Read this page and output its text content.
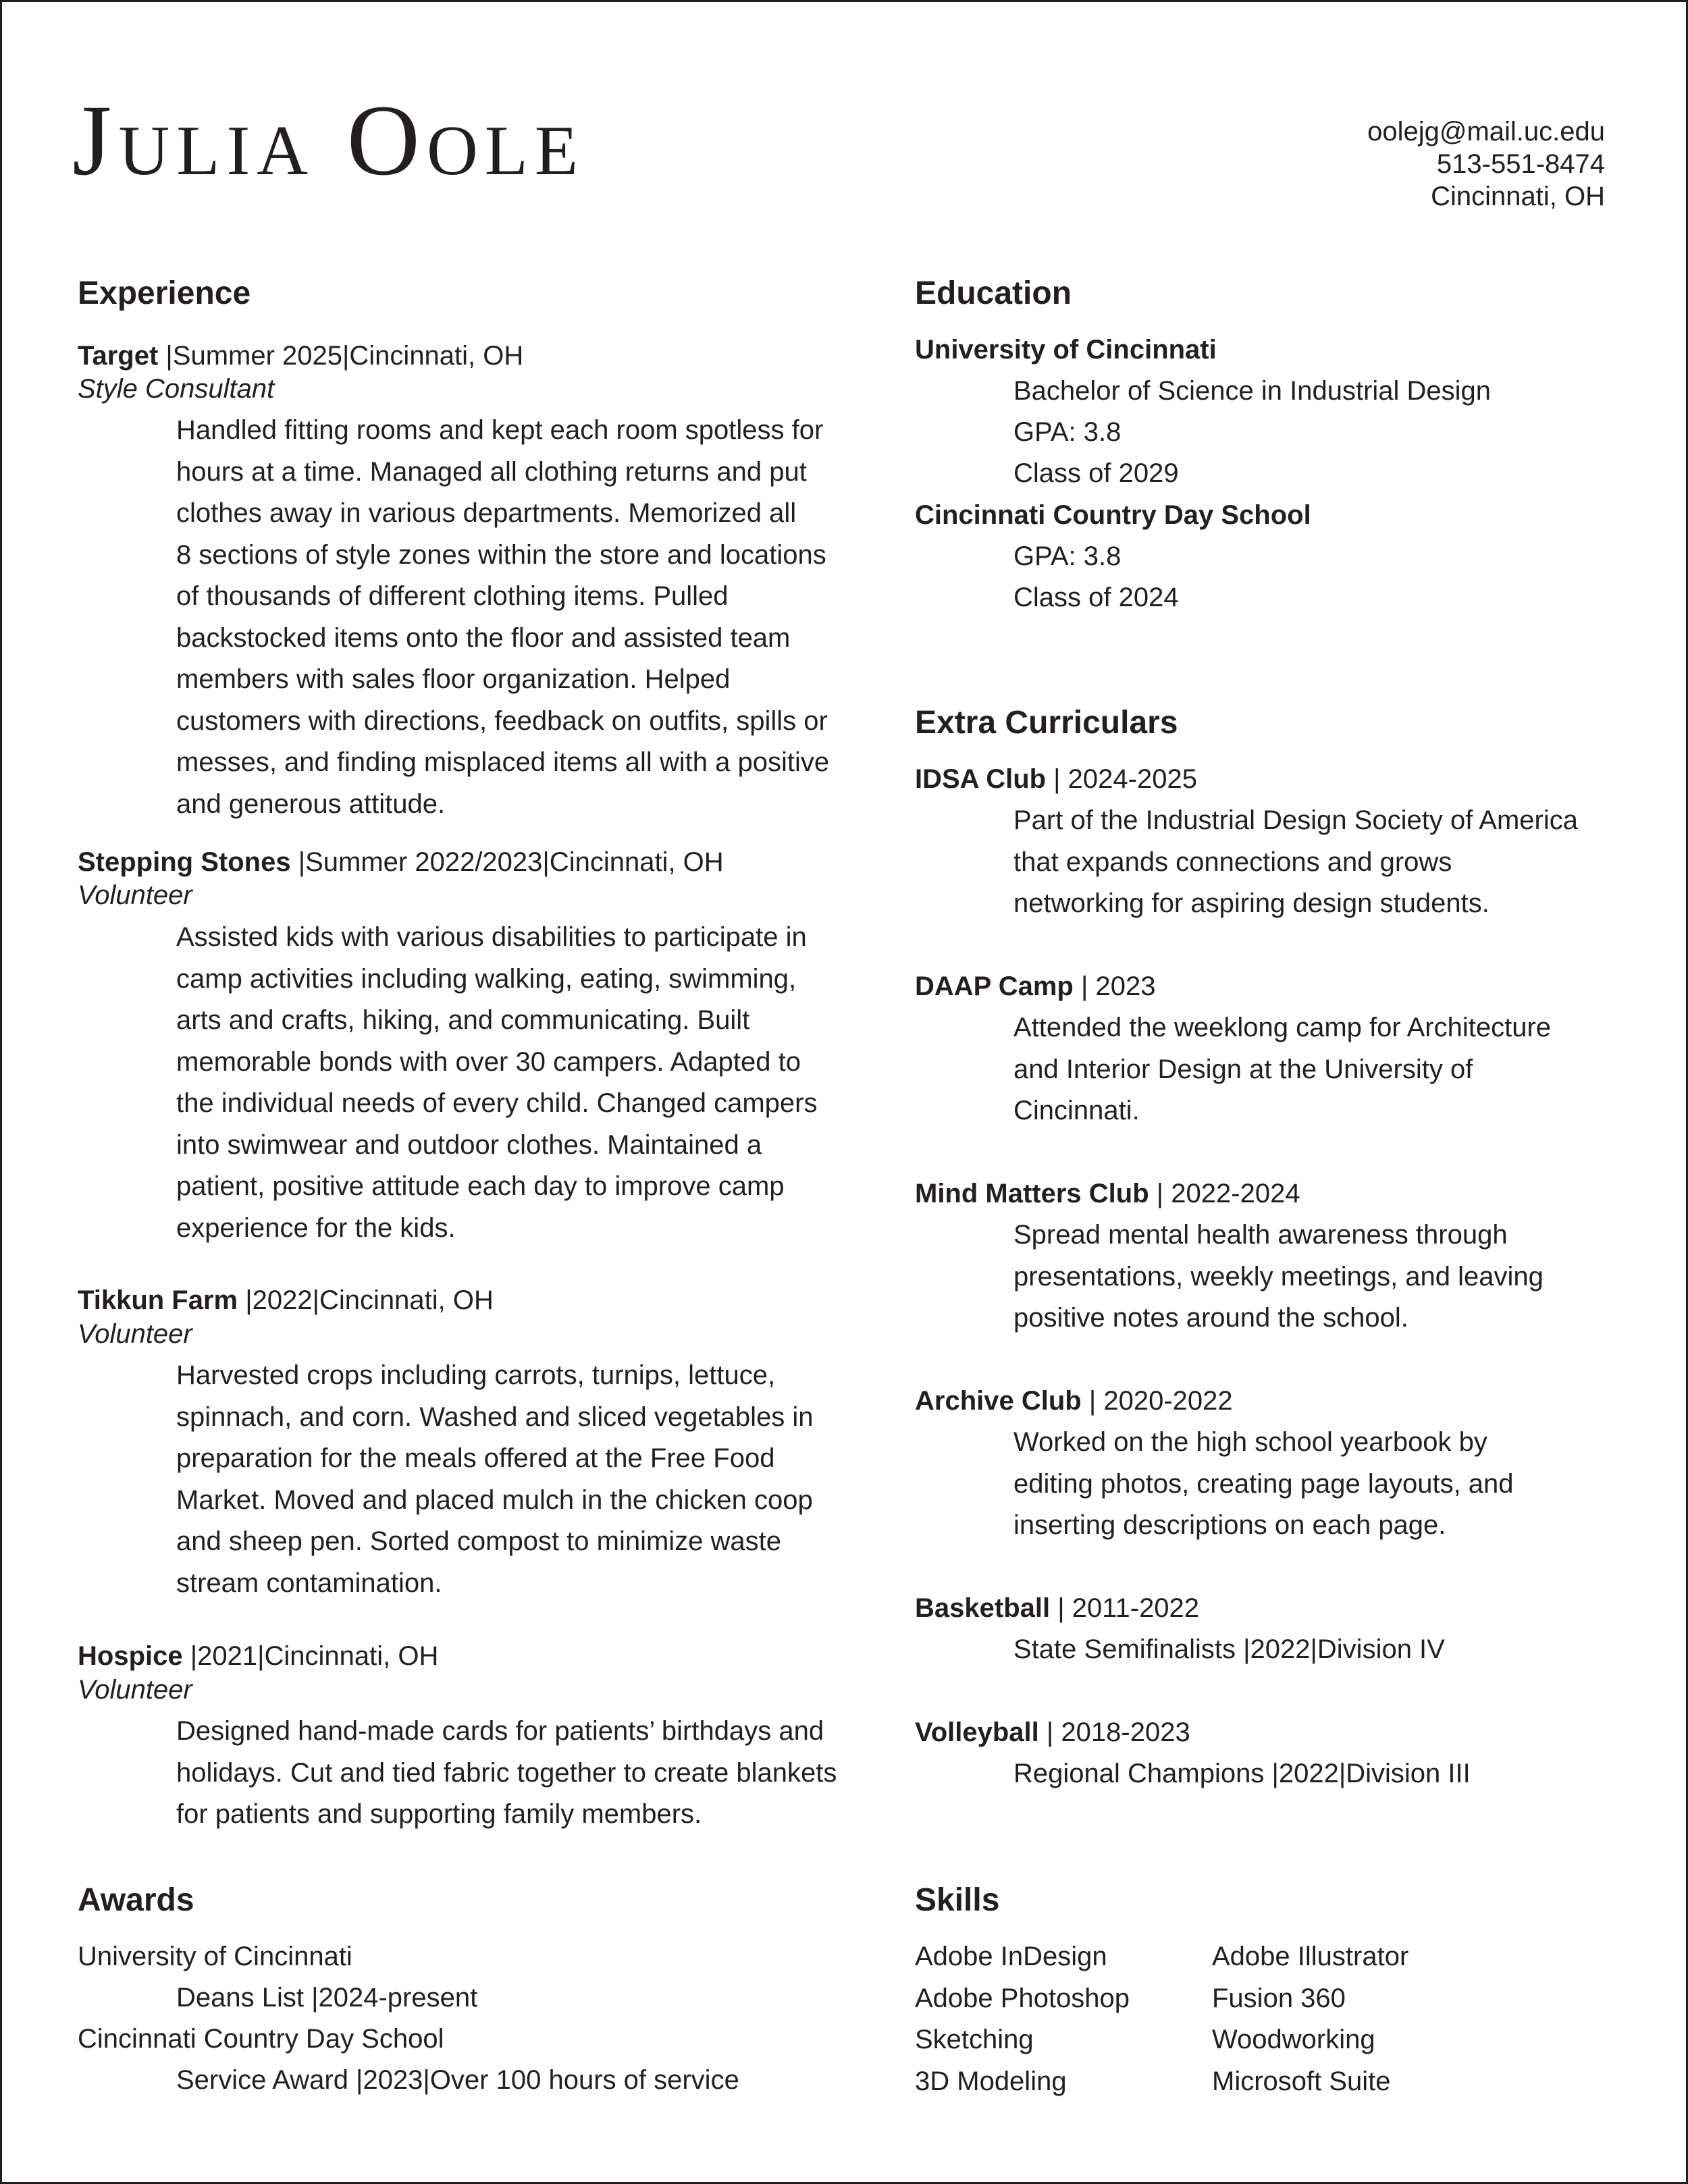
Julia Oole	oolejg@mail.uc.edu
513-551-8474
Cincinnati, OH
Experience
Target |Summer 2025|Cincinnati, OH
Style Consultant
Handled fitting rooms and kept each room spotless for
hours at a time. Managed all clothing returns and put
clothes away in various departments. Memorized all
8 sections of style zones within the store and locations
of thousands of different clothing items. Pulled
backstocked items onto the floor and assisted team
members with sales floor organization. Helped
customers with directions, feedback on outfits, spills or
messes, and finding misplaced items all with a positive
and generous attitude.
Stepping Stones |Summer 2022/2023|Cincinnati, OH
Volunteer
Assisted kids with various disabilities to participate in
camp activities including walking, eating, swimming,
arts and crafts, hiking, and communicating. Built
memorable bonds with over 30 campers. Adapted to
the individual needs of every child. Changed campers
into swimwear and outdoor clothes. Maintained a
patient, positive attitude each day to improve camp
experience for the kids.
Tikkun Farm |2022|Cincinnati, OH
Volunteer
Harvested crops including carrots, turnips, lettuce,
spinnach, and corn. Washed and sliced vegetables in
preparation for the meals offered at the Free Food
Market. Moved and placed mulch in the chicken coop
and sheep pen. Sorted compost to minimize waste
stream contamination.
Hospice |2021|Cincinnati, OH
Volunteer
Designed hand-made cards for patients’ birthdays and
holidays. Cut and tied fabric together to create blankets
for patients and supporting family members.
Awards
University of Cincinnati
Deans List |2024-present
Cincinnati Country Day School
Service Award |2023|Over 100 hours of service
Education
University of Cincinnati
Bachelor of Science in Industrial Design
GPA: 3.8
Class of 2029
Cincinnati Country Day School
GPA: 3.8
Class of 2024
Extra Curriculars
IDSA Club | 2024-2025
Part of the Industrial Design Society of America
that expands connections and grows
networking for aspiring design students.
DAAP Camp | 2023
Attended the weeklong camp for Architecture
and Interior Design at the University of
Cincinnati.
Mind Matters Club | 2022-2024
Spread mental health awareness through
presentations, weekly meetings, and leaving
positive notes around the school.
Archive Club | 2020-2022
Worked on the high school yearbook by
editing photos, creating page layouts, and
inserting descriptions on each page.
Basketball | 2011-2022
State Semifinalists |2022|Division IV
Volleyball | 2018-2023
Regional Champions |2022|Division III
Skills
Adobe InDesign
Adobe Photoshop
Sketching
3D Modeling
Adobe Illustrator
Fusion 360
Woodworking
Microsoft Suite
